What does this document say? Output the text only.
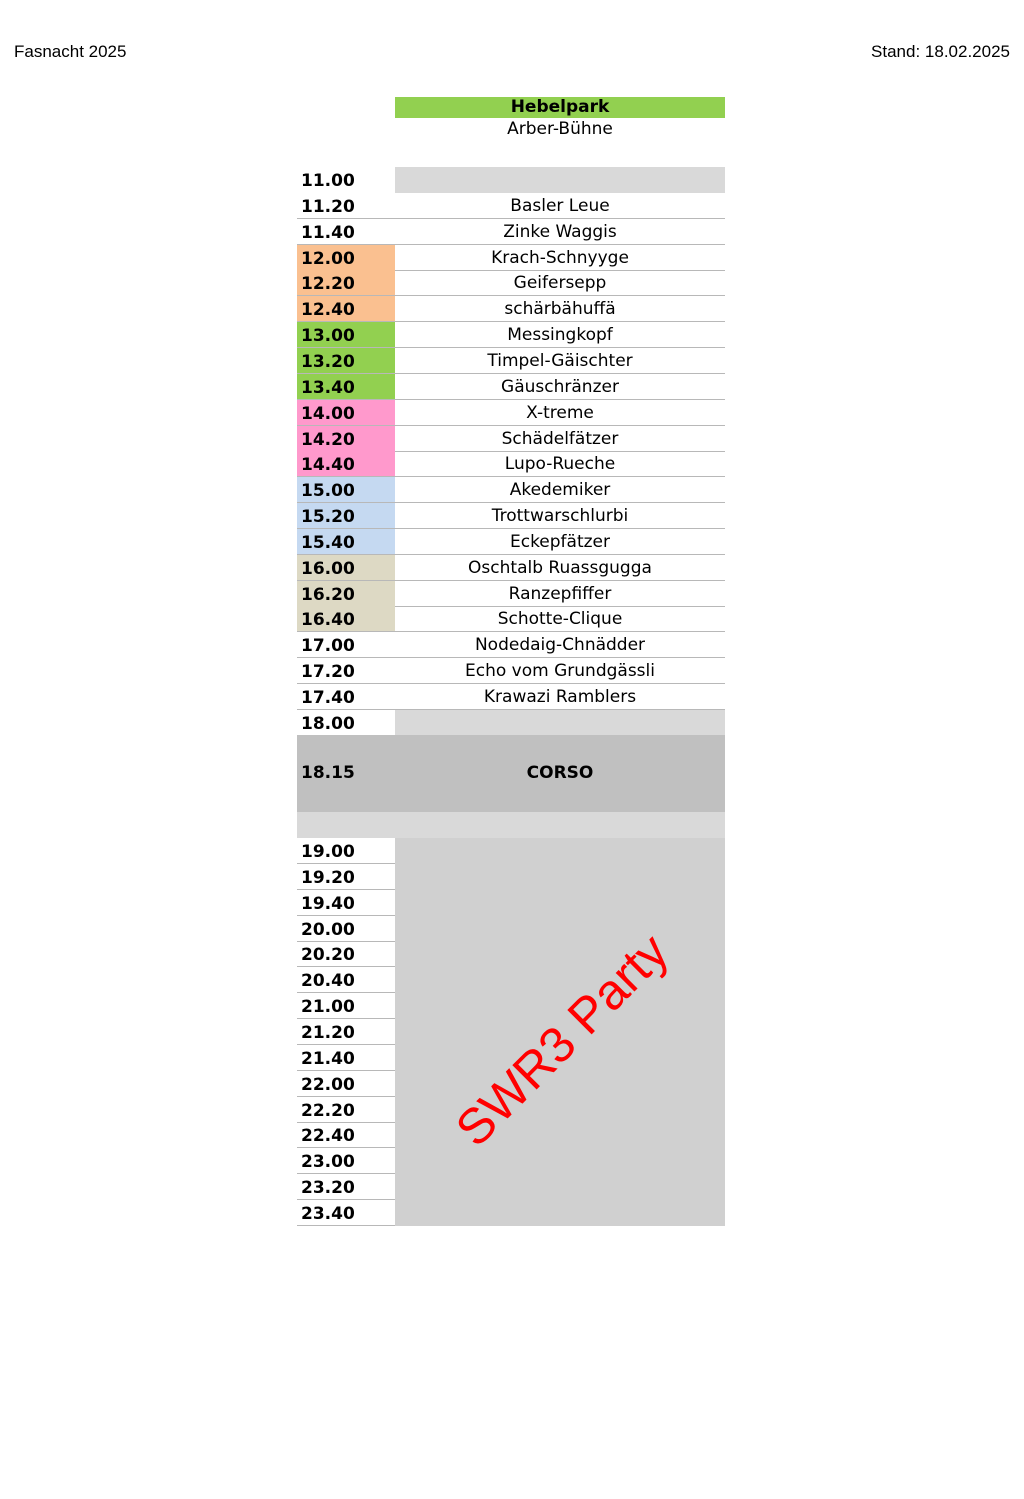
Fasnacht 2025	Stand: 18.02.2025
Hebelpark
Arber-Bühne
11.00
11.20	Basler Leue
11.40	Zinke Waggis
12.00	Krach-Schnyyge
12.20	Geifersepp
12.40	schärbähuffä
13.00	Messingkopf
13.20	Timpel-Gäischter
13.40	Gäuschränzer
14.00	X-treme
14.20	Schädelfätzer
14.40	Lupo-Rueche
15.00	Akedemiker
15.20	Trottwarschlurbi
15.40	Eckepfätzer
16.00	Oschtalb Ruassgugga
16.20	Ranzepfiffer
16.40	Schotte-Clique
17.00	Nodedaig-Chnädder
17.20	Echo vom Grundgässli
17.40	Krawazi Ramblers
18.00
18.15	CORSO
19.00
19.20
19.40
20.00
20.20
20.40
21.00
21.20
21.40
22.00
22.20
22.40
23.00
23.20
23.40
SWR3 Party
